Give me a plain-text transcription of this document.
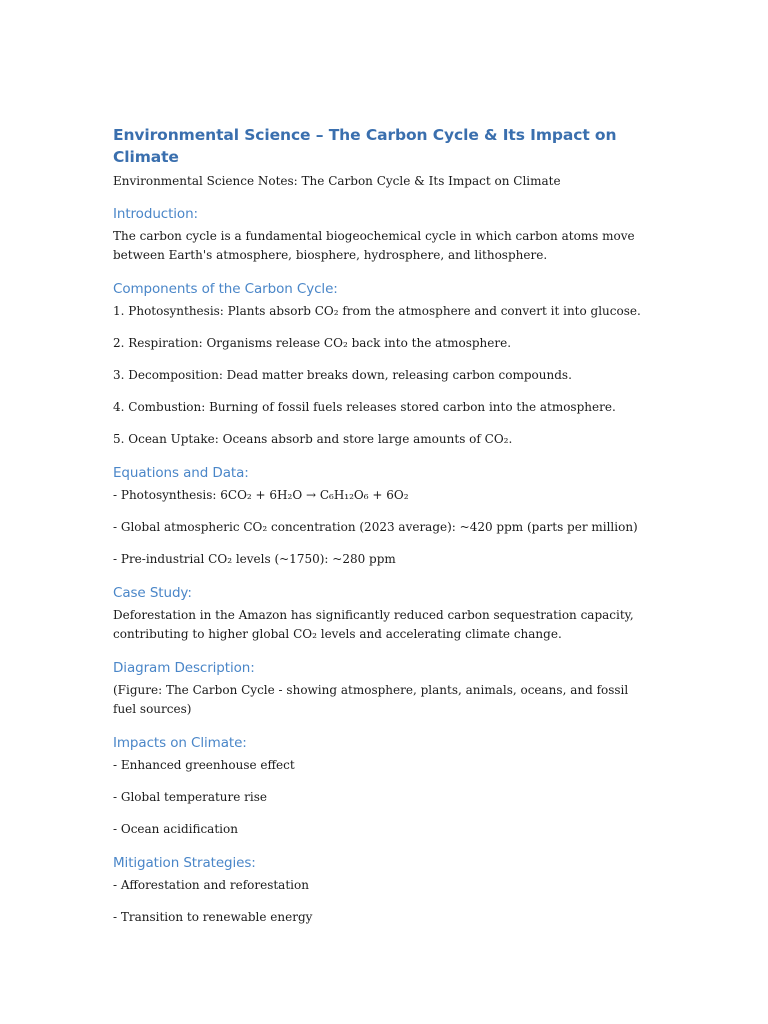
Environmental Science – The Carbon Cycle & Its Impact on Climate

Environmental Science Notes: The Carbon Cycle & Its Impact on Climate

Introduction:

The carbon cycle is a fundamental biogeochemical cycle in which carbon atoms move between Earth's atmosphere, biosphere, hydrosphere, and lithosphere.

Components of the Carbon Cycle:

1. Photosynthesis: Plants absorb CO₂ from the atmosphere and convert it into glucose.

2. Respiration: Organisms release CO₂ back into the atmosphere.

3. Decomposition: Dead matter breaks down, releasing carbon compounds.

4. Combustion: Burning of fossil fuels releases stored carbon into the atmosphere.

5. Ocean Uptake: Oceans absorb and store large amounts of CO₂.

Equations and Data:

- Photosynthesis: 6CO₂ + 6H₂O → C₆H₁₂O₆ + 6O₂

- Global atmospheric CO₂ concentration (2023 average): ~420 ppm (parts per million)

- Pre-industrial CO₂ levels (~1750): ~280 ppm

Case Study:

Deforestation in the Amazon has significantly reduced carbon sequestration capacity, contributing to higher global CO₂ levels and accelerating climate change.

Diagram Description:

(Figure: The Carbon Cycle - showing atmosphere, plants, animals, oceans, and fossil fuel sources)

Impacts on Climate:

- Enhanced greenhouse effect

- Global temperature rise

- Ocean acidification

Mitigation Strategies:

- Afforestation and reforestation

- Transition to renewable energy
